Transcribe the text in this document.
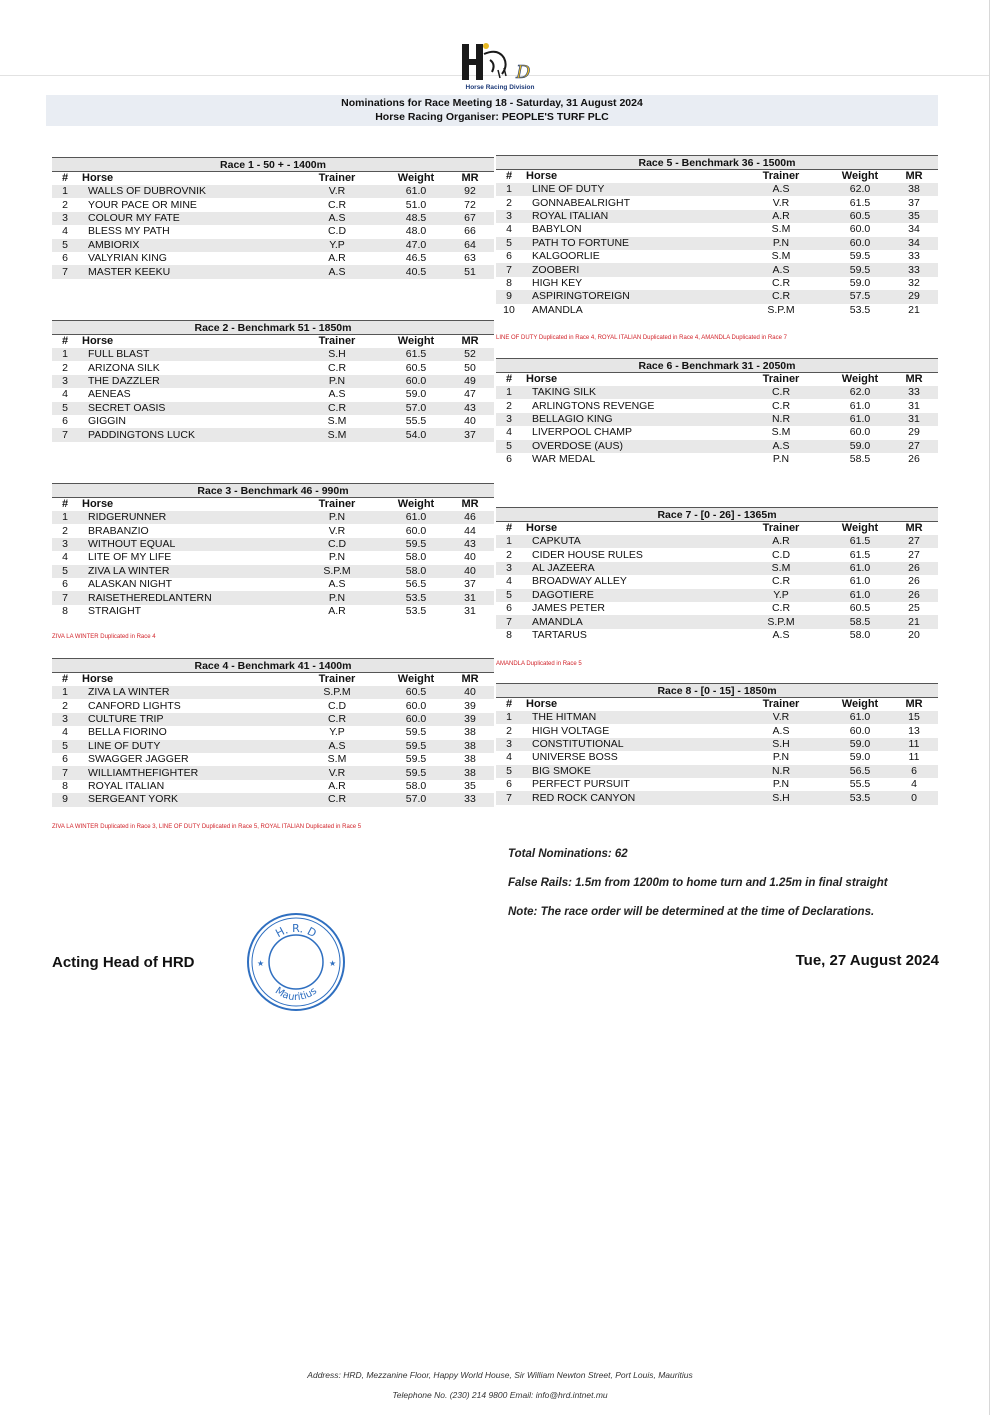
D
Horse Racing Division
Nominations for Race Meeting 18 - Saturday, 31 August 2024
Horse Racing Organiser: PEOPLE'S TURF PLC
Race 1 - 50 + - 1400m
#	Horse	Trainer	Weight	MR
1	WALLS OF DUBROVNIK	V.R	61.0	92
2	YOUR PACE OR MINE	C.R	51.0	72
3	COLOUR MY FATE	A.S	48.5	67
4	BLESS MY PATH	C.D	48.0	66
5	AMBIORIX	Y.P	47.0	64
6	VALYRIAN KING	A.R	46.5	63
7	MASTER KEEKU	A.S	40.5	51
Race 2 - Benchmark 51 - 1850m
#	Horse	Trainer	Weight	MR
1	FULL BLAST	S.H	61.5	52
2	ARIZONA SILK	C.R	60.5	50
3	THE DAZZLER	P.N	60.0	49
4	AENEAS	A.S	59.0	47
5	SECRET OASIS	C.R	57.0	43
6	GIGGIN	S.M	55.5	40
7	PADDINGTONS LUCK	S.M	54.0	37
Race 3 - Benchmark 46 - 990m
#	Horse	Trainer	Weight	MR
1	RIDGERUNNER	P.N	61.0	46
2	BRABANZIO	V.R	60.0	44
3	WITHOUT EQUAL	C.D	59.5	43
4	LITE OF MY LIFE	P.N	58.0	40
5	ZIVA LA WINTER	S.P.M	58.0	40
6	ALASKAN NIGHT	A.S	56.5	37
7	RAISETHEREDLANTERN	P.N	53.5	31
8	STRAIGHT	A.R	53.5	31
Race 4 - Benchmark 41 - 1400m
#	Horse	Trainer	Weight	MR
1	ZIVA LA WINTER	S.P.M	60.5	40
2	CANFORD LIGHTS	C.D	60.0	39
3	CULTURE TRIP	C.R	60.0	39
4	BELLA FIORINO	Y.P	59.5	38
5	LINE OF DUTY	A.S	59.5	38
6	SWAGGER JAGGER	S.M	59.5	38
7	WILLIAMTHEFIGHTER	V.R	59.5	38
8	ROYAL ITALIAN	A.R	58.0	35
9	SERGEANT YORK	C.R	57.0	33
Race 5 - Benchmark 36 - 1500m
#	Horse	Trainer	Weight	MR
1	LINE OF DUTY	A.S	62.0	38
2	GONNABEALRIGHT	V.R	61.5	37
3	ROYAL ITALIAN	A.R	60.5	35
4	BABYLON	S.M	60.0	34
5	PATH TO FORTUNE	P.N	60.0	34
6	KALGOORLIE	S.M	59.5	33
7	ZOOBERI	A.S	59.5	33
8	HIGH KEY	C.R	59.0	32
9	ASPIRINGTOREIGN	C.R	57.5	29
10	AMANDLA	S.P.M	53.5	21
Race 6 - Benchmark 31 - 2050m
#	Horse	Trainer	Weight	MR
1	TAKING SILK	C.R	62.0	33
2	ARLINGTONS REVENGE	C.R	61.0	31
3	BELLAGIO KING	N.R	61.0	31
4	LIVERPOOL CHAMP	S.M	60.0	29
5	OVERDOSE (AUS)	A.S	59.0	27
6	WAR MEDAL	P.N	58.5	26
Race 7 - [0 - 26] - 1365m
#	Horse	Trainer	Weight	MR
1	CAPKUTA	A.R	61.5	27
2	CIDER HOUSE RULES	C.D	61.5	27
3	AL JAZEERA	S.M	61.0	26
4	BROADWAY ALLEY	C.R	61.0	26
5	DAGOTIERE	Y.P	61.0	26
6	JAMES PETER	C.R	60.5	25
7	AMANDLA	S.P.M	58.5	21
8	TARTARUS	A.S	58.0	20
Race 8 - [0 - 15] - 1850m
#	Horse	Trainer	Weight	MR
1	THE HITMAN	V.R	61.0	15
2	HIGH VOLTAGE	A.S	60.0	13
3	CONSTITUTIONAL	S.H	59.0	11
4	UNIVERSE BOSS	P.N	59.0	11
5	BIG SMOKE	N.R	56.5	6
6	PERFECT PURSUIT	P.N	55.5	4
7	RED ROCK CANYON	S.H	53.5	0
ZIVA LA WINTER Duplicated in Race 4
ZIVA LA WINTER Duplicated in Race 3, LINE OF DUTY Duplicated in Race 5, ROYAL ITALIAN Duplicated in Race 5
LINE OF DUTY Duplicated in Race 4, ROYAL ITALIAN Duplicated in Race 4, AMANDLA Duplicated in Race 7
AMANDLA Duplicated in Race 5
Total Nominations: 62
False Rails: 1.5m from 1200m to home turn and 1.25m in final straight
Note: The race order will be determined at the time of Declarations.
Acting Head of HRD	Tue, 27 August 2024
H. R. D
Mauritius
★	★
Address: HRD, Mezzanine Floor, Happy World House, Sir William Newton Street, Port Louis, Mauritius
Telephone No. (230) 214 9800 Email: info@hrd.intnet.mu
